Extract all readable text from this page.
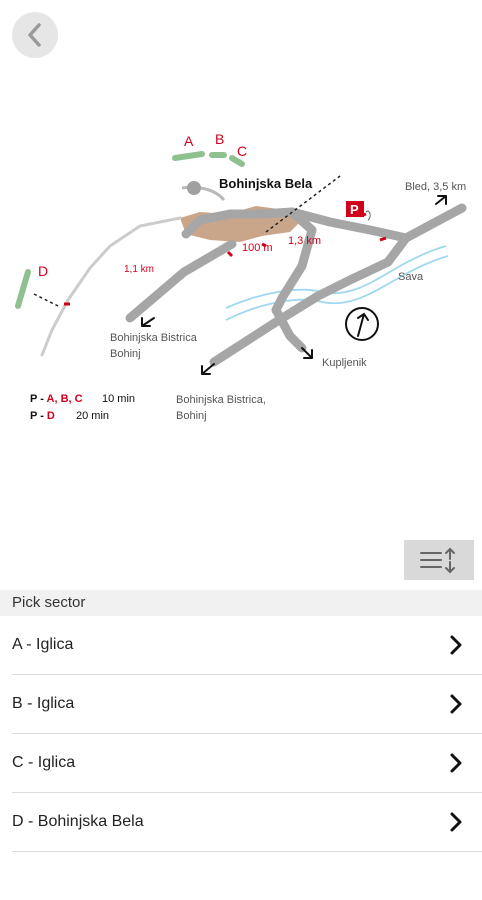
P
A B
C
D
Bohinjska Bela	Bled, 3,5 km
Sava
Kupljenik
1,1 km
100 m
1,3 km
Bohinjska Bistrica
Bohinj
Bohinjska Bistrica,
Bohinj
P - A, B, C 10 min
P - D 20 min
Pick sector
A - Iglica
B - Iglica
C - Iglica
D - Bohinjska Bela
